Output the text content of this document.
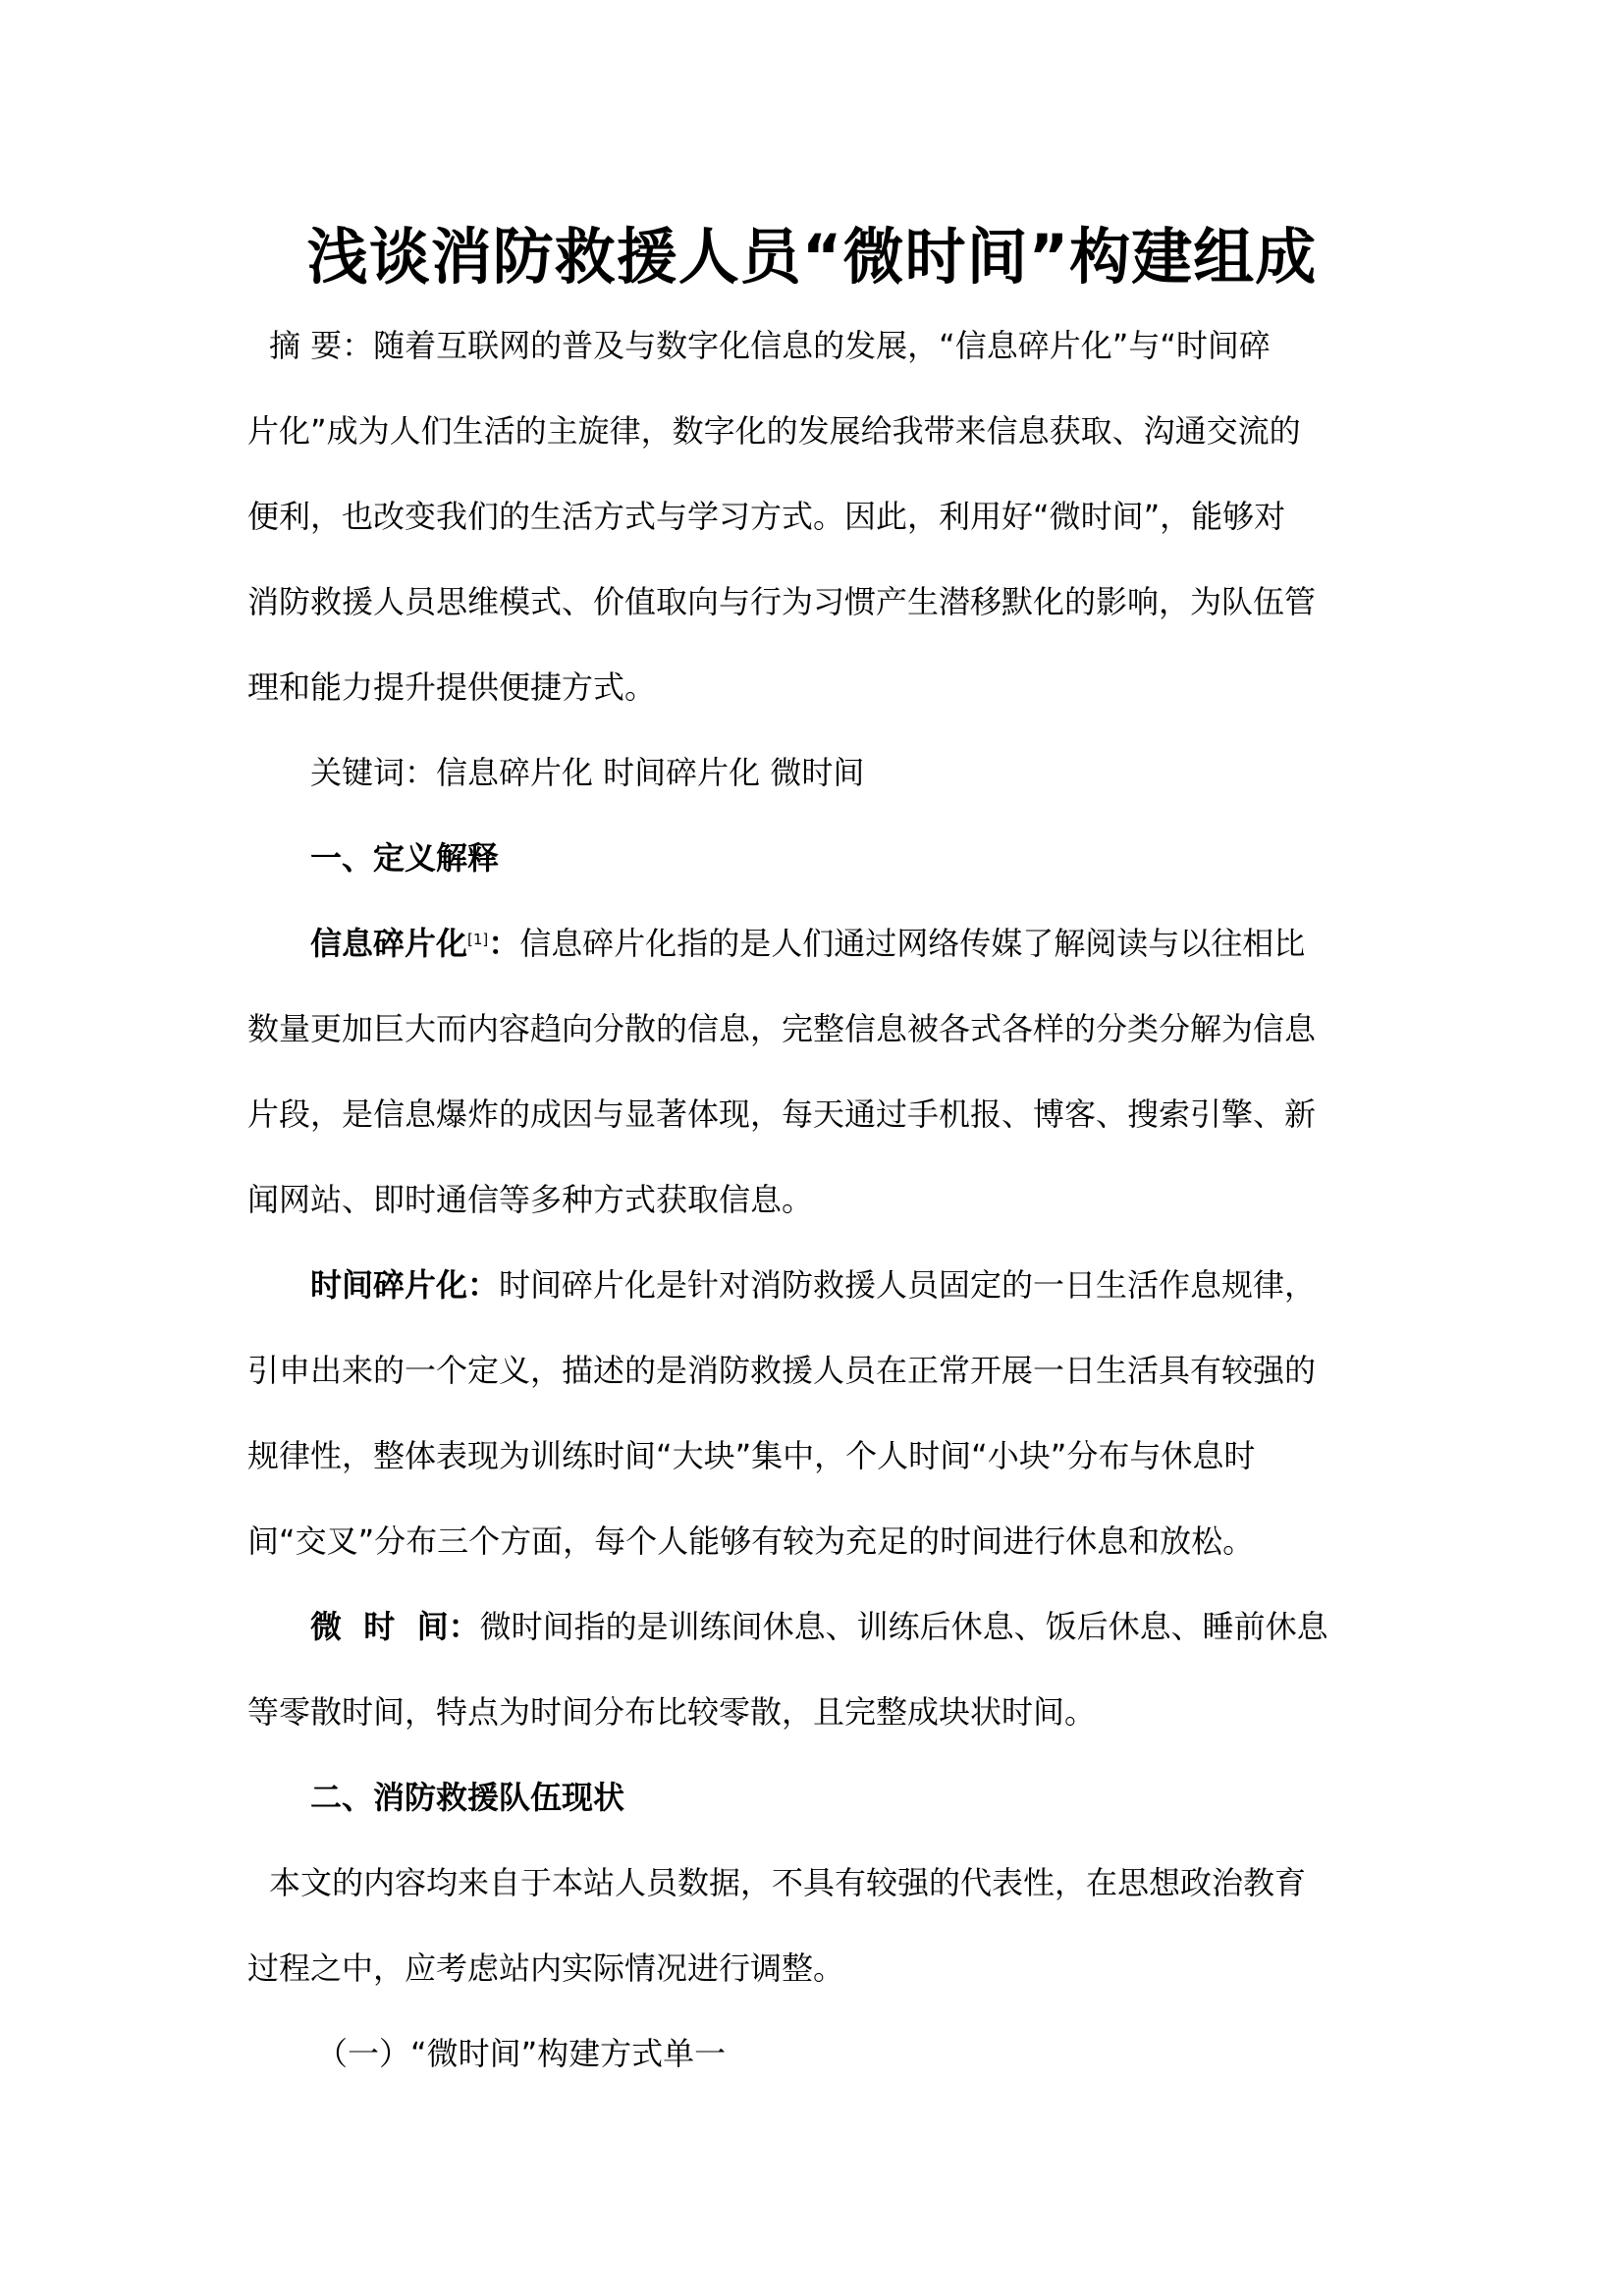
浅谈消防救援人员“微时间”构建组成
摘 要：随着互联网的普及与数字化信息的发展，“信息碎片化”与“时间碎
片化”成为人们生活的主旋律，数字化的发展给我带来信息获取、沟通交流的
便利，也改变我们的生活方式与学习方式。因此，利用好“微时间”，能够对
消防救援人员思维模式、价值取向与行为习惯产生潜移默化的影响，为队伍管
理和能力提升提供便捷方式。
关键词：信息碎片化 时间碎片化 微时间
一、定义解释
信息碎片化[1]：信息碎片化指的是人们通过网络传媒了解阅读与以往相比
数量更加巨大而内容趋向分散的信息，完整信息被各式各样的分类分解为信息
片段，是信息爆炸的成因与显著体现，每天通过手机报、博客、搜索引擎、新
闻网站、即时通信等多种方式获取信息。
时间碎片化：时间碎片化是针对消防救援人员固定的一日生活作息规律，
引申出来的一个定义，描述的是消防救援人员在正常开展一日生活具有较强的
规律性，整体表现为训练时间“大块”集中，个人时间“小块”分布与休息时
间“交叉”分布三个方面，每个人能够有较为充足的时间进行休息和放松。
微  时  间：微时间指的是训练间休息、训练后休息、饭后休息、睡前休息
等零散时间，特点为时间分布比较零散，且完整成块状时间。
二、消防救援队伍现状
本文的内容均来自于本站人员数据，不具有较强的代表性，在思想政治教育
过程之中，应考虑站内实际情况进行调整。
（一）“微时间”构建方式单一
